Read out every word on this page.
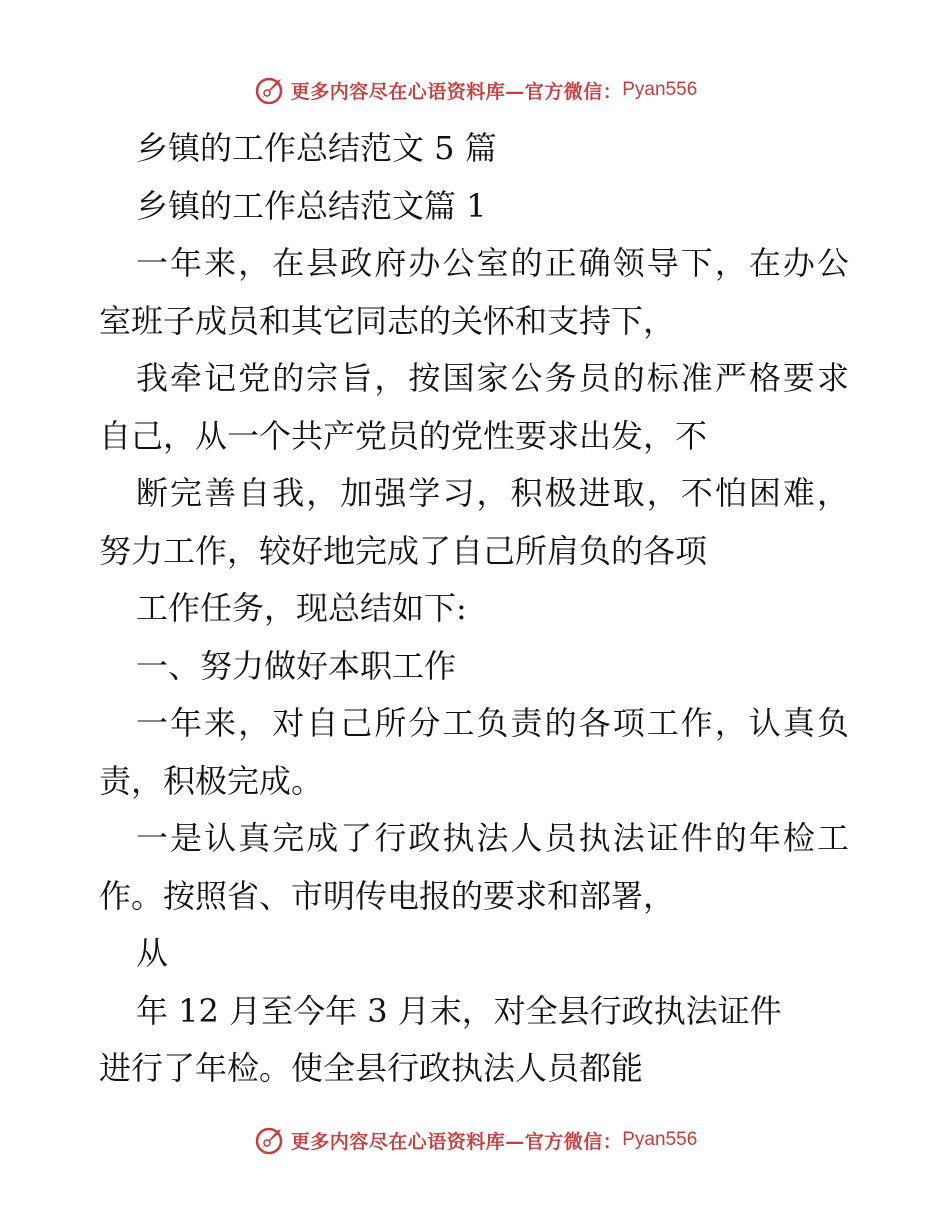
更多内容尽在心语资料库—官方微信： Pyan556
乡镇的工作总结范文 5 篇
乡镇的工作总结范文篇 1
一年来，在县政府办公室的正确领导下，在办公
室班子成员和其它同志的关怀和支持下，
我牵记党的宗旨，按国家公务员的标准严格要求
自己，从一个共产党员的党性要求出发，不
断完善自我，加强学习，积极进取，不怕困难，
努力工作，较好地完成了自己所肩负的各项
工作任务，现总结如下:
一、努力做好本职工作
一年来，对自己所分工负责的各项工作，认真负
责，积极完成。
一是认真完成了行政执法人员执法证件的年检工
作。按照省、市明传电报的要求和部署，
从
年 12 月至今年 3 月末，对全县行政执法证件
进行了年检。使全县行政执法人员都能
更多内容尽在心语资料库—官方微信： Pyan556
